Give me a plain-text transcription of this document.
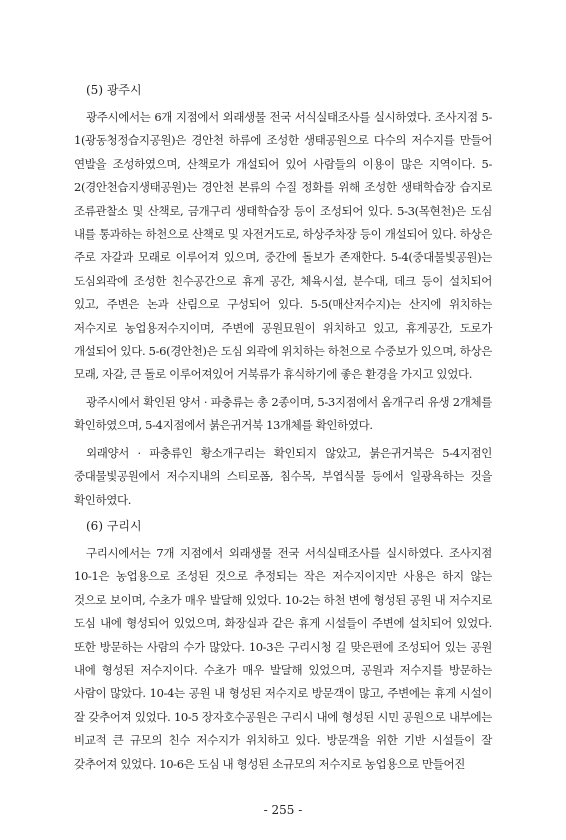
(5) 광주시

광주시에서는 6개 지점에서 외래생물 전국 서식실태조사를 실시하였다. 조사지점 5-1(광동청정습지공원)은 경안천 하류에 조성한 생태공원으로 다수의 저수지를 만들어 연발을 조성하였으며, 산책로가 개설되어 있어 사람들의 이용이 많은 지역이다. 5-2(경안천습지생태공원)는 경안천 본류의 수질 정화를 위해 조성한 생태학습장 습지로 조류관찰소 및 산책로, 금개구리 생태학습장 등이 조성되어 있다. 5-3(목현천)은 도심 내를 통과하는 하천으로 산책로 및 자전거도로, 하상주차장 등이 개설되어 있다. 하상은 주로 자갈과 모래로 이루어져 있으며, 중간에 돌보가 존재한다. 5-4(중대물빛공원)는 도심외곽에 조성한 친수공간으로 휴게 공간, 체육시설, 분수대, 데크 등이 설치되어 있고, 주변은 논과 산림으로 구성되어 있다. 5-5(매산저수지)는 산지에 위치하는 저수지로 농업용저수지이며, 주변에 공원묘원이 위치하고 있고, 휴게공간, 도로가 개설되어 있다. 5-6(경안천)은 도심 외곽에 위치하는 하천으로 수중보가 있으며, 하상은 모래, 자갈, 큰 돌로 이루어져있어 거북류가 휴식하기에 좋은 환경을 가지고 있었다.

광주시에서 확인된 양서 · 파충류는 총 2종이며, 5-3지점에서 옴개구리 유생 2개체를 확인하였으며, 5-4지점에서 붉은귀거북 13개체를 확인하였다.

외래양서 · 파충류인 황소개구리는 확인되지 않았고, 붉은귀거북은 5-4지점인 중대물빛공원에서 저수지내의 스티로폼, 침수목, 부엽식물 등에서 일광욕하는 것을 확인하였다.

(6) 구리시

구리시에서는 7개 지점에서 외래생물 전국 서식실태조사를 실시하였다. 조사지점 10-1은 농업용으로 조성된 것으로 추정되는 작은 저수지이지만 사용은 하지 않는 것으로 보이며, 수초가 매우 발달해 있었다. 10-2는 하천 변에 형성된 공원 내 저수지로 도심 내에 형성되어 있었으며, 화장실과 같은 휴게 시설들이 주변에 설치되어 있었다. 또한 방문하는 사람의 수가 많았다. 10-3은 구리시청 길 맞은편에 조성되어 있는 공원 내에 형성된 저수지이다. 수초가 매우 발달해 있었으며, 공원과 저수지를 방문하는 사람이 많았다. 10-4는 공원 내 형성된 저수지로 방문객이 많고, 주변에는 휴게 시설이 잘 갖추어져 있었다. 10-5 장자호수공원은 구리시 내에 형성된 시민 공원으로 내부에는 비교적 큰 규모의 친수 저수지가 위치하고 있다. 방문객을 위한 기반 시설들이 잘 갖추어져 있었다. 10-6은 도심 내 형성된 소규모의 저수지로 농업용으로 만들어진

- 255 -
